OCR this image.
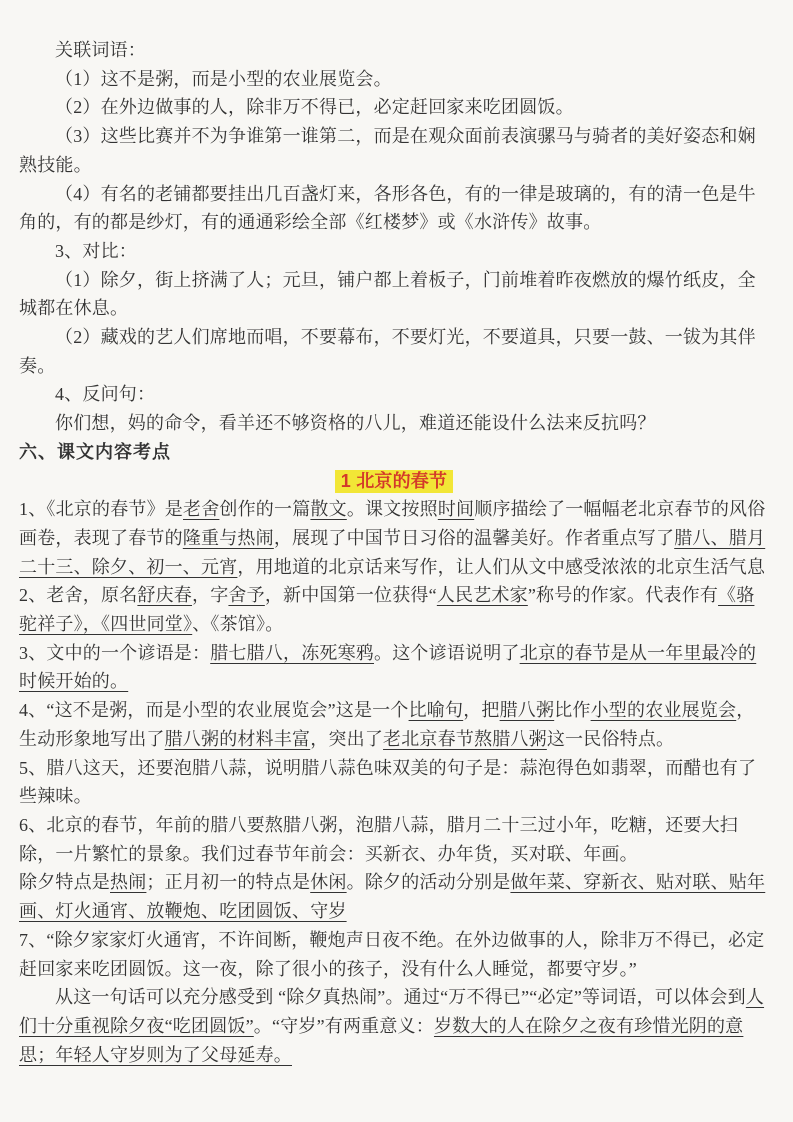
关联词语：

（1）这不是粥，而是小型的农业展览会。

（2）在外边做事的人，除非万不得已，必定赶回家来吃团圆饭。

（3）这些比赛并不为争谁第一谁第二，而是在观众面前表演骡马与骑者的美好姿态和娴熟技能。

（4）有名的老铺都要挂出几百盏灯来，各形各色，有的一律是玻璃的，有的清一色是牛角的，有的都是纱灯，有的通通彩绘全部《红楼梦》或《水浒传》故事。

3、对比：

（1）除夕，街上挤满了人；元旦，铺户都上着板子，门前堆着昨夜燃放的爆竹纸皮，全城都在休息。

（2）藏戏的艺人们席地而唱，不要幕布，不要灯光，不要道具，只要一鼓、一钹为其伴奏。

4、反问句：

你们想，妈的命令，看羊还不够资格的八儿，难道还能设什么法来反抗吗？

六、课文内容考点

1 北京的春节

1、《北京的春节》是老舍创作的一篇散文。课文按照时间顺序描绘了一幅幅老北京春节的风俗画卷，表现了春节的隆重与热闹，展现了中国节日习俗的温馨美好。作者重点写了腊八、腊月二十三、除夕、初一、元宵，用地道的北京话来写作，让人们从文中感受浓浓的北京生活气息

2、老舍，原名舒庆春，字舍予，新中国第一位获得“人民艺术家”称号的作家。代表作有《骆驼祥子》，《四世同堂》、《茶馆》。

3、文中的一个谚语是：腊七腊八，冻死寒鸦。这个谚语说明了北京的春节是从一年里最冷的时候开始的。

4、“这不是粥，而是小型的农业展览会”这是一个比喻句，把腊八粥比作小型的农业展览会，生动形象地写出了腊八粥的材料丰富，突出了老北京春节熬腊八粥这一民俗特点。

5、腊八这天，还要泡腊八蒜，说明腊八蒜色味双美的句子是：蒜泡得色如翡翠，而醋也有了些辣味。

6、北京的春节，年前的腊八要熬腊八粥，泡腊八蒜，腊月二十三过小年，吃糖，还要大扫除，一片繁忙的景象。我们过春节年前会：买新衣、办年货，买对联、年画。

除夕特点是热闹；正月初一的特点是休闲。除夕的活动分别是做年菜、穿新衣、贴对联、贴年画、灯火通宵、放鞭炮、吃团圆饭、守岁

7、“除夕家家灯火通宵，不许间断，鞭炮声日夜不绝。在外边做事的人，除非万不得已，必定赶回家来吃团圆饭。这一夜，除了很小的孩子，没有什么人睡觉，都要守岁。”

从这一句话可以充分感受到 “除夕真热闹”。通过“万不得已”“必定”等词语，可以体会到人们十分重视除夕夜“吃团圆饭”。“守岁”有两重意义：岁数大的人在除夕之夜有珍惜光阴的意思；年轻人守岁则为了父母延寿。
